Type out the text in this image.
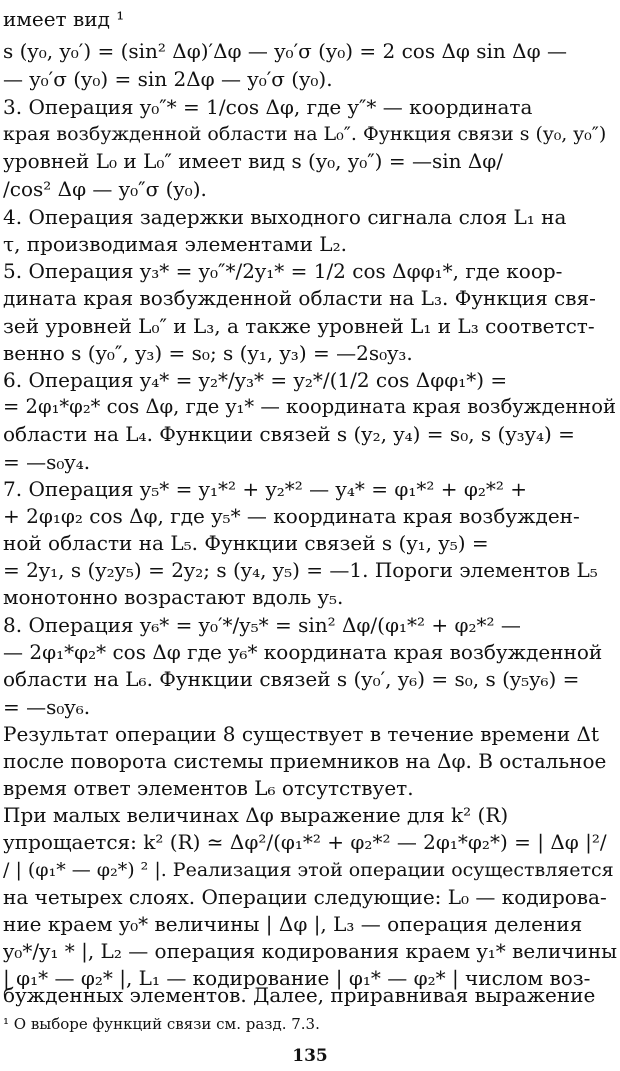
имеет вид ¹
s (y₀, y₀′) = (sin² Δφ)′Δφ — y₀′σ (y₀) = 2 cos Δφ sin Δφ —
— y₀′σ (y₀) = sin 2Δφ — y₀′σ (y₀).
3. Операция y₀″* = 1/cos Δφ, где y″* — координата
края возбужденной области на L₀″. Функция связи s (y₀, y₀″)
уровней L₀ и L₀″ имеет вид s (y₀, y₀″) = —sin Δφ/
/cos² Δφ — y₀″σ (y₀).
4. Операция задержки выходного сигнала слоя L₁ на
τ, производимая элементами L₂.
5. Операция y₃* = y₀″*/2y₁* = 1/2 cos Δφφ₁*, где коор-
дината края возбужденной области на L₃. Функция свя-
зей уровней L₀″ и L₃, а также уровней L₁ и L₃ соответст-
венно s (y₀″, y₃) = s₀; s (y₁, y₃) = —2s₀y₃.
6. Операция y₄* = y₂*/y₃* = y₂*/(1/2 cos Δφφ₁*) =
= 2φ₁*φ₂* cos Δφ, где y₁* — координата края возбужденной
области на L₄. Функции связей s (y₂, y₄) = s₀, s (y₃y₄) =
= —s₀y₄.
7. Операция y₅* = y₁*² + y₂*² — y₄* = φ₁*² + φ₂*² +
+ 2φ₁φ₂ cos Δφ, где y₅* — координата края возбужден-
ной области на L₅. Функции связей s (y₁, y₅) =
= 2y₁, s (y₂y₅) = 2y₂; s (y₄, y₅) = —1. Пороги элементов L₅
монотонно возрастают вдоль y₅.
8. Операция y₆* = y₀′*/y₅* = sin² Δφ/(φ₁*² + φ₂*² —
— 2φ₁*φ₂* cos Δφ где y₆* координата края возбужденной
области на L₆. Функции связей s (y₀′, y₆) = s₀, s (y₅y₆) =
= —s₀y₆.
Результат операции 8 существует в течение времени Δt
после поворота системы приемников на Δφ. В остальное
время ответ элементов L₆ отсутствует.
При малых величинах Δφ выражение для k² (R)
упрощается: k² (R) ≃ Δφ²/(φ₁*² + φ₂*² — 2φ₁*φ₂*) = | Δφ |²/
/ | (φ₁* — φ₂*) ² |. Реализация этой операции осуществляется
на четырех слоях. Операции следующие: L₀ — кодирова-
ние краем y₀* величины | Δφ |, L₃ — операция деления
y₀*/y₁ * |, L₂ — операция кодирования краем y₁* величины
| φ₁* — φ₂* |, L₁ — кодирование | φ₁* — φ₂* | числом воз-
бужденных элементов. Далее, приравнивая выражение
¹ О выборе функций связи см. разд. 7.3.
135
